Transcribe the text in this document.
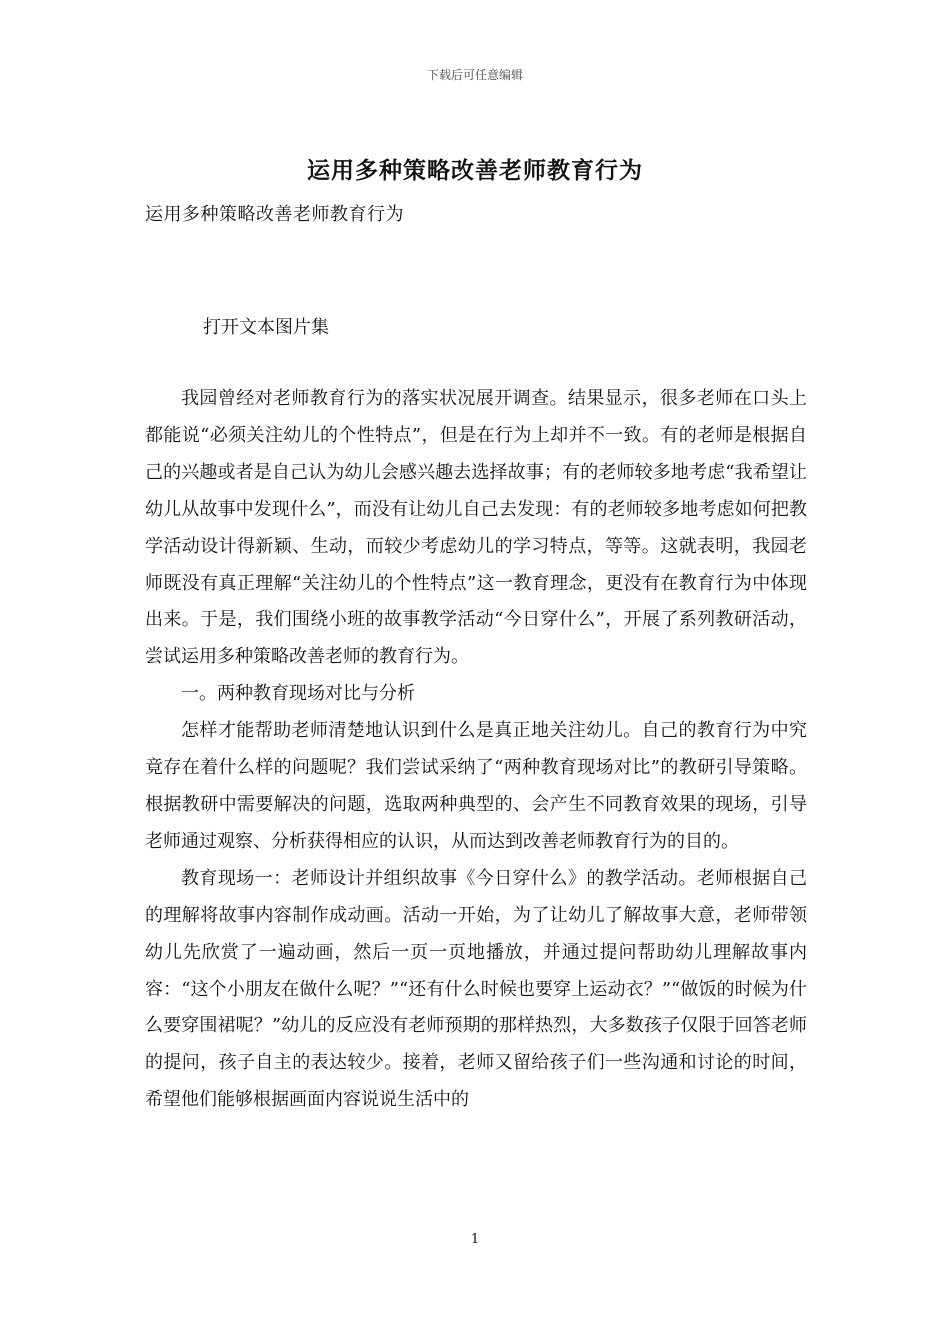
下载后可任意编辑
运用多种策略改善老师教育行为
运用多种策略改善老师教育行为
打开文本图片集

我园曾经对老师教育行为的落实状况展开调查。结果显示，很多老师在口头上都能说“必须关注幼儿的个性特点”，但是在行为上却并不一致。有的老师是根据自己的兴趣或者是自己认为幼儿会感兴趣去选择故事；有的老师较多地考虑“我希望让幼儿从故事中发现什么”，而没有让幼儿自己去发现：有的老师较多地考虑如何把教学活动设计得新颖、生动，而较少考虑幼儿的学习特点，等等。这就表明，我园老师既没有真正理解“关注幼儿的个性特点”这一教育理念，更没有在教育行为中体现出来。于是，我们围绕小班的故事教学活动“今日穿什么”，开展了系列教研活动，尝试运用多种策略改善老师的教育行为。

一。两种教育现场对比与分析

怎样才能帮助老师清楚地认识到什么是真正地关注幼儿。自己的教育行为中究竟存在着什么样的问题呢？我们尝试采纳了“两种教育现场对比”的教研引导策略。根据教研中需要解决的问题，选取两种典型的、会产生不同教育效果的现场，引导老师通过观察、分析获得相应的认识，从而达到改善老师教育行为的目的。

教育现场一：老师设计并组织故事《今日穿什么》的教学活动。老师根据自己的理解将故事内容制作成动画。活动一开始，为了让幼儿了解故事大意，老师带领幼儿先欣赏了一遍动画，然后一页一页地播放，并通过提问帮助幼儿理解故事内容：“这个小朋友在做什么呢？”“还有什么时候也要穿上运动衣？”“做饭的时候为什么要穿围裙呢？”幼儿的反应没有老师预期的那样热烈，大多数孩子仅限于回答老师的提问，孩子自主的表达较少。接着，老师又留给孩子们一些沟通和讨论的时间，希望他们能够根据画面内容说说生活中的

1
